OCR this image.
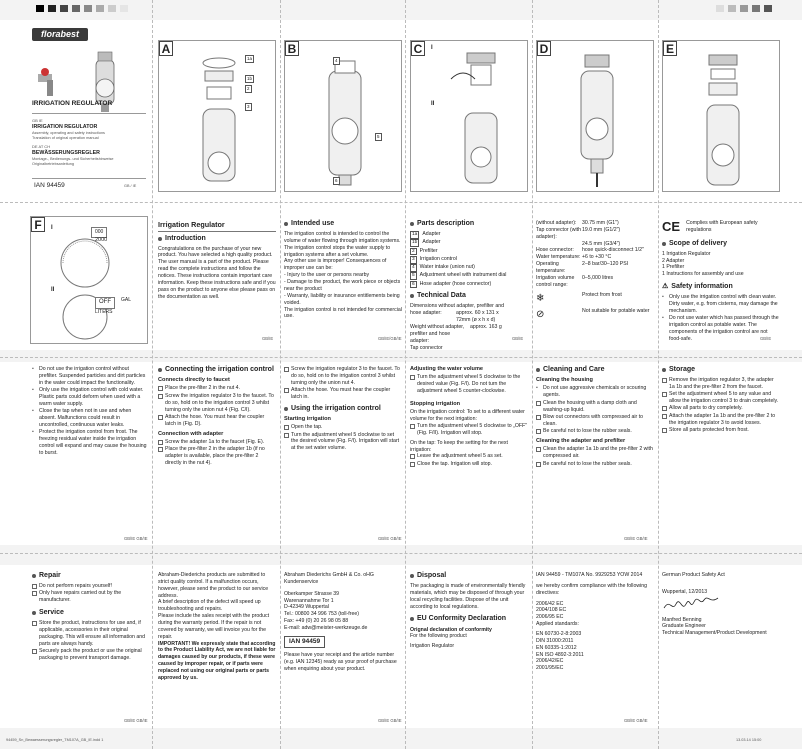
florabest
IRRIGATION REGULATOR
GB IE
IRRIGATION REGULATOR
Assembly, operating and safety instructions
Translation of original operation manual
DE AT CH
BEWÄSSERUNGSREGLER
Montage-, Bedienungs- und Sicherheitshinweise
Originalbetriebsanleitung
IAN 94459	GB / IE
A
1a
1b
2
3
B
4
5
6
C	I
II
D	E
F	I
II
000
2000
OFF
LITERS
GAL
Irrigation Regulator
Introduction
Congratulations on the purchase of your new product. You have selected a high quality product. The user manual is a part of the product. Please read the complete instructions and follow the notices. These instructions contain important care information. Keep these instructions safe and if you pass on the product to anyone else please pass on the documentation as well.
Intended use
The irrigation control is intended to control the volume of water flowing through irrigation systems. The irrigation control stops the water supply to irrigation systems after a set volume.
Any other use is improper! Consequences of improper use can be:
- Injury to the user or persons nearby
- Damage to the product, the work piece or objects near the product
- Warranty, liability or insurance entitlements being voided.
The irrigation control is not intended for commercial use.
Parts description
1a Adapter
1b Adapter
2 Prefilter
3 Irrigation control
4 Water intake (union nut)
5 Adjustment wheel with instrument dial
6 Hose adapter (hose connector)
Technical Data
Dimensions without adapter, prefilter and
hose adapter:	approx. 60 x 131 x
72mm (ø x h x d)
Weight without adapter, prefilter and hose adapter:
approx. 163 g
Tap connector
(without adapter):	30.75 mm (G1")
Tap connector (with adapter):
19.0 mm (G1/2")
24.5 mm (G3/4")
Hose connector:	hose quick-disconnect 1/2"
Water temperature: +6 to +30 °C
Operating temperature:
2–8 bar/30–120 PSI
Irrigation volume control range:
0–5,000 litres
❄	Protect from frost
⊘	Not suitable for potable water
CE Complies with European safety regulations
Scope of delivery
1 Irrigation Regulator
2 Adapter
1 Prefilter
1 Instructions for assembly and use
⚠ Safety information
▪ Only use the irrigation control with clean water. Dirty water, e.g. from cisterns, may damage the mechanism.
▪ Do not use water which has passed through the irrigation control as potable water. The components of the irrigation control are not food-safe.
▪ Do not use the irrigation control without prefilter. Suspended particles and dirt particles in the water could impact the functionality.
▪ Only use the irrigation control with cold water. Plastic parts could deform when used with a warm water supply.
▪ Close the tap when not in use and when absent. Malfunctions could result in uncontrolled, continuous water leaks.
▪ Protect the irrigation control from frost. The freezing residual water inside the irrigation control will expand and may cause the housing to burst.
Connecting the irrigation control
Connects directly to faucet
Place the pre-filter 2 in the nut 4.
Screw the irrigation regulator 3 to the faucet. To do so, hold on to the irrigation control 3 whilst turning only the union nut 4 (Fig. C/I).
Attach the hose. You must hear the coupler latch in (Fig. D).
Connection with adapter
Screw the adapter 1a to the faucet (Fig. E).
Place the pre-filter 2 in the adapter 1b (if no adapter is available, place the pre-filter 2 directly in the nut 4).
Screw the irrigation regulator 3 to the faucet. To do so, hold on to the irrigation control 3 whilst turning only the union nut 4.
Attach the hose. You must hear the coupler latch in.
Using the irrigation control
Starting irrigation
Open the tap.
Turn the adjustment wheel 5 clockwise to set the desired volume (Fig. F/I). Irrigation will start at the set water volume.
Adjusting the water volume
Turn the adjustment wheel 5 clockwise to the desired value (Fig. F/I). Do not turn the adjustment wheel 5 counter-clockwise.
Stopping irrigation
On the irrigation control: To set to a different water volume for the next irrigation:
Turn the adjustment wheel 5 clockwise to „OFF" (Fig. F/II). Irrigation will stop.
On the tap: To keep the setting for the next irrigation:
Leave the adjustment wheel 5 as set.
Close the tap. Irrigation will stop.
Cleaning and Care
Cleaning the housing
▪ Do not use aggressive chemicals or scouring agents.
Clean the housing with a damp cloth and washing-up liquid.
Blow out connectors with compressed air to clean.
Be careful not to lose the rubber seals.
Cleaning the adapter and prefilter
Clean the adapter 1a 1b and the pre-filter 2 with compressed air.
Be careful not to lose the rubber seals.
Storage
Remove the irrigation regulator 3, the adapter 1a 1b and the pre-filter 2 from the faucet.
Set the adjustment wheel 5 to any value and allow the irrigation control 3 to drain completely.
Allow all parts to dry completely.
Attach the adapter 1a 1b and the pre-filter 2 to the irrigation regulator 3 to avoid losses.
Store all parts protected from frost.
Repair
Do not perform repairs yourself!
Only have repairs carried out by the manufacturer.
Service
Store the product, instructions for use and, if applicable, accessories in their original packaging. This will ensure all information and parts are always handy.
Securely pack the product or use the original packaging to prevent transport damage.
Abraham-Diederichs products are submitted to strict quality control. If a malfunction occurs, however, please send the product to our service address.
A brief description of the defect will speed up troubleshooting and repairs.
Please include the sales receipt with the product during the warranty period. If the repair is not covered by warranty, we will invoice you for the repair.
IMPORTANT! We expressly state that according to the Product Liability Act, we are not liable for damages caused by our products, if these were caused by improper repair, or if parts were replaced not using our original parts or parts approved by us.
Abraham Diederichs GmbH & Co. oHG
Kundenservice
Oberkamper Strasse 39
Warenannahme Tor 1
D-42349 Wuppertal
Tel.: 00800 34 996 753 (toll-free)
Fax: +49 (0) 20 26 98 05 88
E-mail: adw@meister-werkzeuge.de
IAN 94459
Please have your receipt and the article number (e.g. IAN 12345) ready as your proof of purchase when enquiring about your product.
Disposal
The packaging is made of environmentally friendly materials, which may be disposed of through your local recycling facilities. Dispose of the unit according to local regulations.
EU Conformity Declaration
Orignal declaration of conformity
For the following product
Irrigation Regulator
IAN 94459 - TM107A No. 9929253 YOW 2014
we hereby confirm compliance with the following directives:
2006/42 EC
2004/108 EC
2006/95 EC
Applied standards:
EN 60730-2-8:2003
DIN 31000:2011
EN 60335-1:2012
EN ISO 4892-3:2011
2006/42/EC
2001/95/EC
German Product Safety Act
Wuppertal, 12/2013
Manfred Benning
Graduate Engineer
Technical Management/Product Development
GB/IE	GB/IE/GB/IE	GB/IE	GB/IE
GB/IE GB/IE	GB/IE GB/IE	GB/IE GB/IE
GB/IE GB/IE	GB/IE GB/IE	GB/IE GB/IE
94459_Sn_Bewaesserungsregler_TM107A_GB_IE.indd 1	13.03.14 15:00
